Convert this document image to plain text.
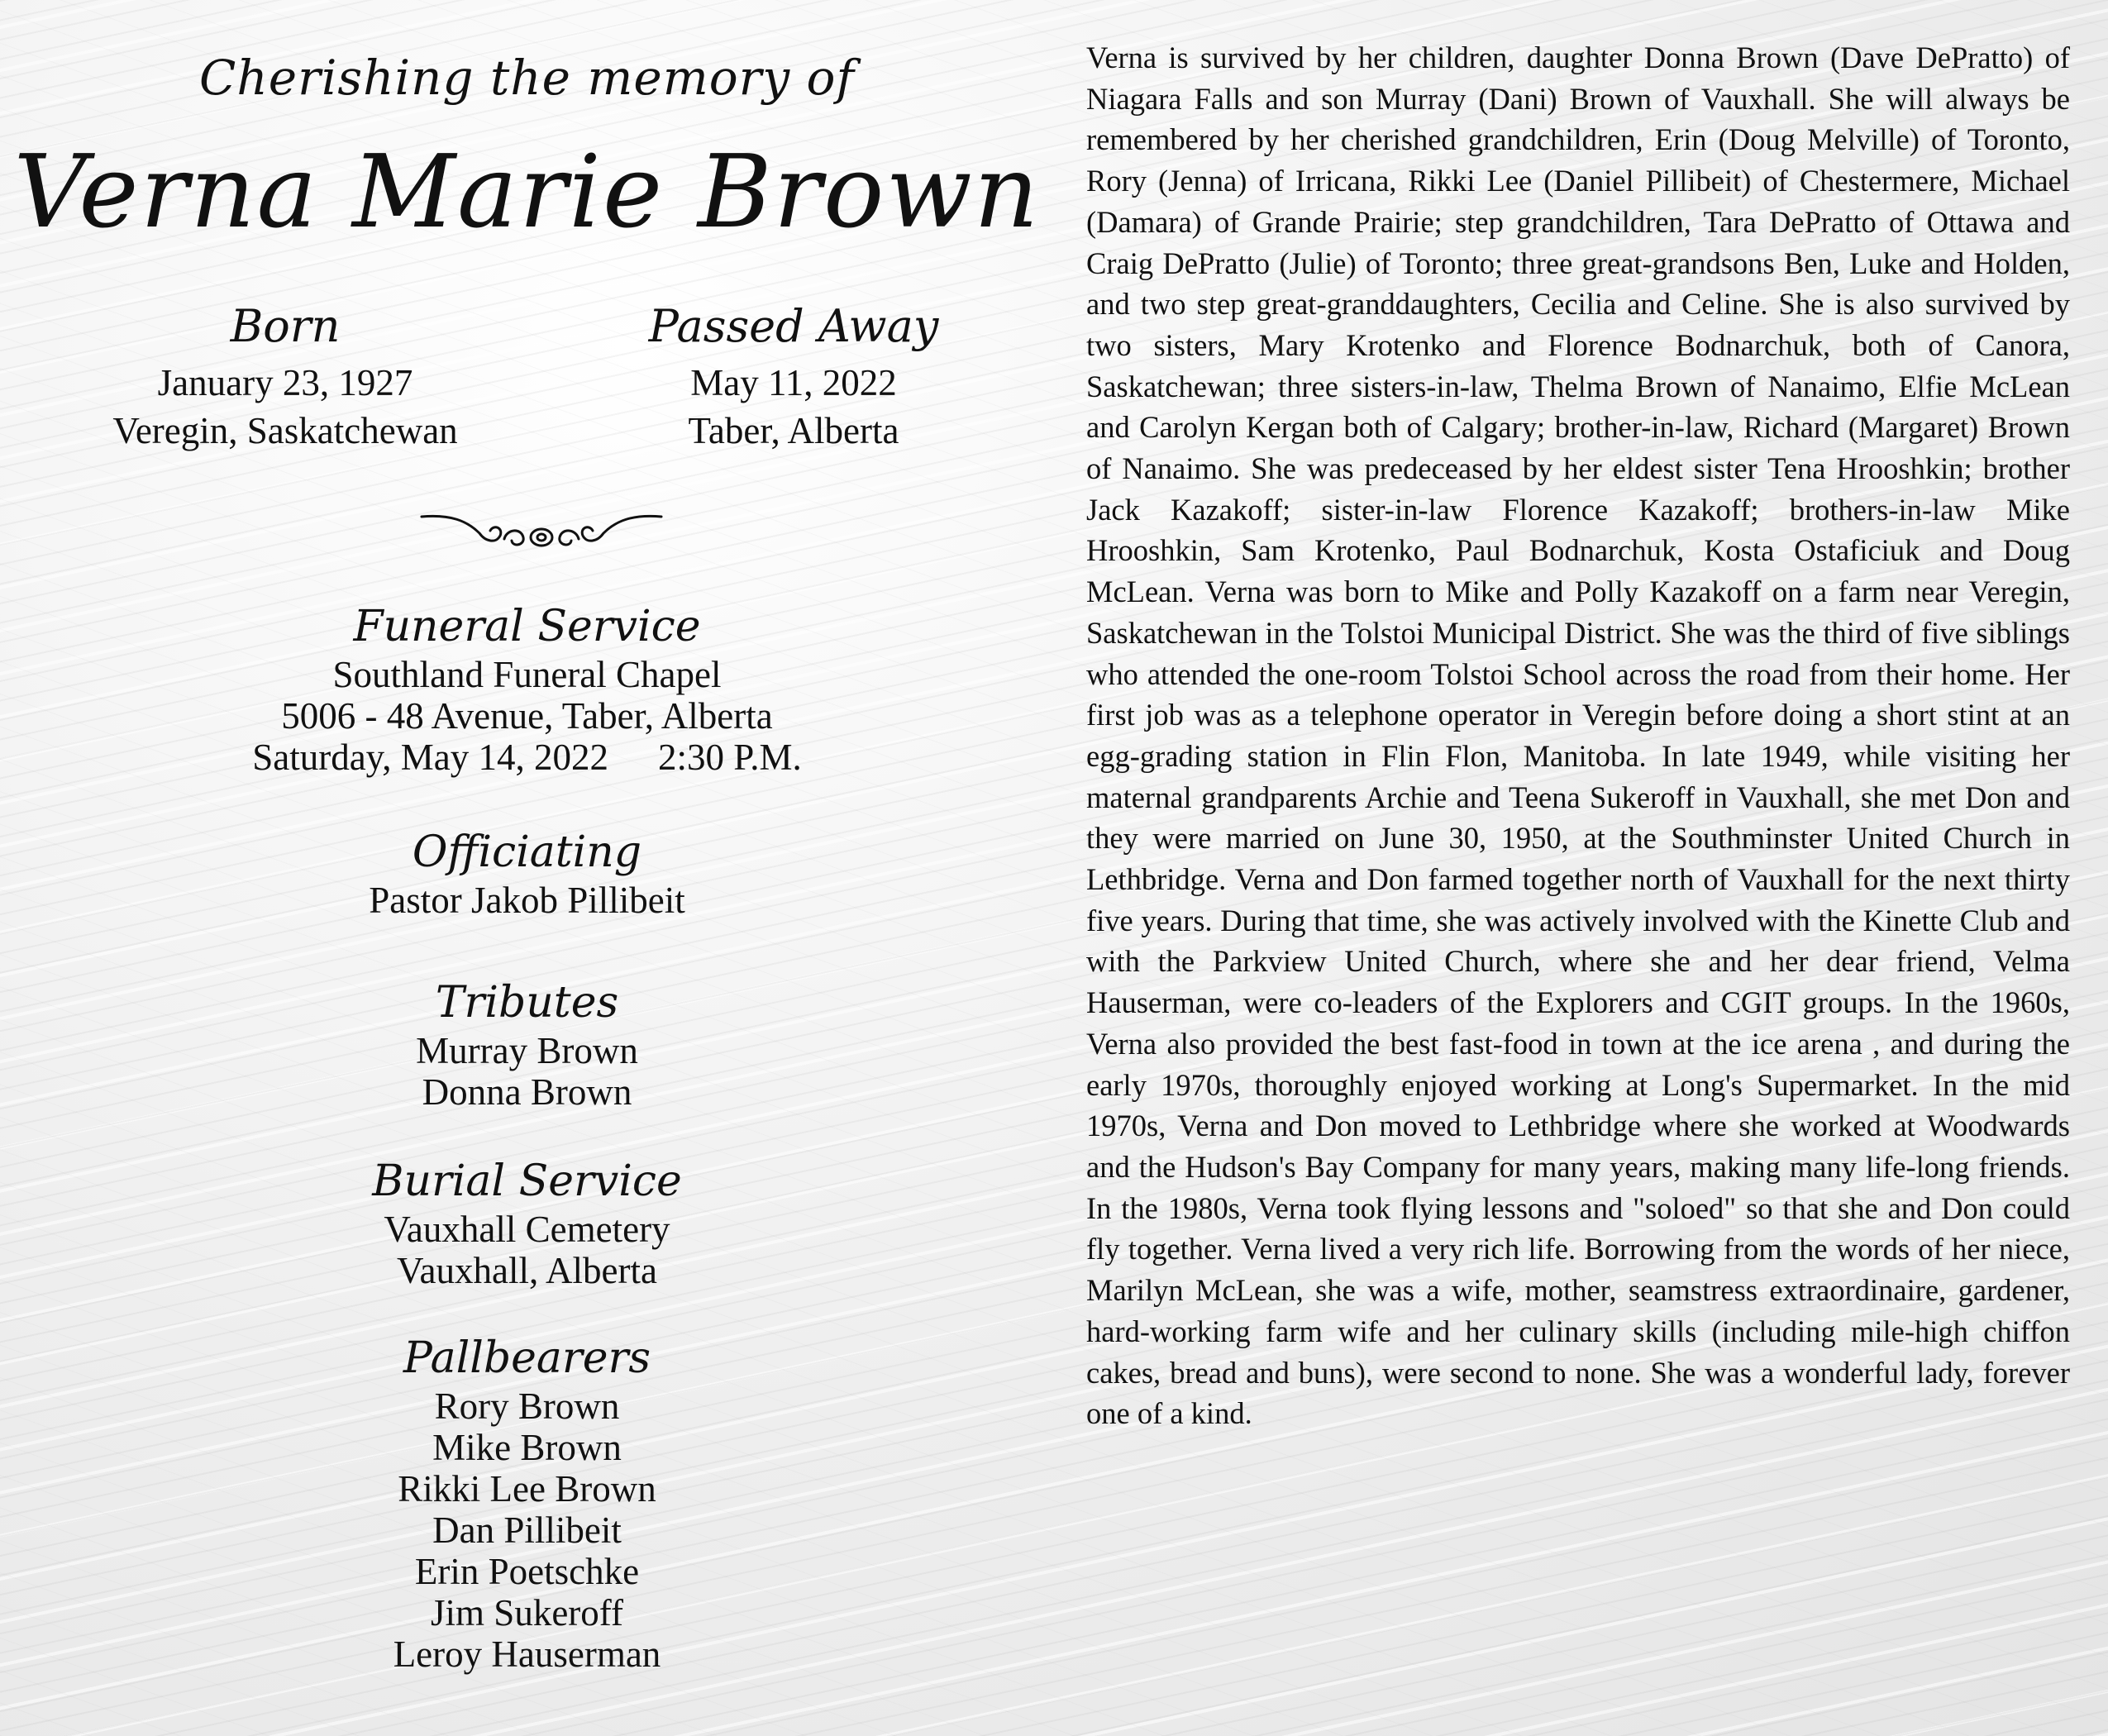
Cherishing the memory of
Verna Marie Brown
Born
January 23, 1927
Veregin, Saskatchewan
Passed Away
May 11, 2022
Taber, Alberta
Funeral Service
Southland Funeral Chapel
5006 - 48 Avenue, Taber, Alberta
Saturday, May 14, 2022 2:30 P.M.
Officiating
Pastor Jakob Pillibeit
Tributes
Murray Brown
Donna Brown
Burial Service
Vauxhall Cemetery
Vauxhall, Alberta
Pallbearers
Rory Brown
Mike Brown
Rikki Lee Brown
Dan Pillibeit
Erin Poetschke
Jim Sukeroff
Leroy Hauserman
Verna is survived by her children, daughter Donna Brown (Dave DePratto) of Niagara Falls and son Murray (Dani) Brown of Vauxhall. She will always be remembered by her cherished grandchildren, Erin (Doug Melville) of Toronto, Rory (Jenna) of Irricana, Rikki Lee (Daniel Pillibeit) of Chestermere, Michael (Damara) of Grande Prairie; step grandchildren, Tara DePratto of Ottawa and Craig DePratto (Julie) of Toronto; three great-grandsons Ben, Luke and Holden, and two step great-granddaughters, Cecilia and Celine. She is also survived by two sisters, Mary Krotenko and Florence Bodnarchuk, both of Canora, Saskatchewan; three sisters-in-law, Thelma Brown of Nanaimo, Elfie McLean and Carolyn Kergan both of Calgary; brother-in-law, Richard (Margaret) Brown of Nanaimo. She was predeceased by her eldest sister Tena Hrooshkin; brother Jack Kazakoff; sister-in-law Florence Kazakoff; brothers-in-law Mike Hrooshkin, Sam Krotenko, Paul Bodnarchuk, Kosta Ostaficiuk and Doug McLean. Verna was born to Mike and Polly Kazakoff on a farm near Veregin, Saskatchewan in the Tolstoi Municipal District. She was the third of five siblings who attended the one-room Tolstoi School across the road from their home. Her first job was as a telephone operator in Veregin before doing a short stint at an egg-grading station in Flin Flon, Manitoba. In late 1949, while visiting her maternal grandparents Archie and Teena Sukeroff in Vauxhall, she met Don and they were married on June 30, 1950, at the Southminster United Church in Lethbridge. Verna and Don farmed together north of Vauxhall for the next thirty five years. During that time, she was actively involved with the Kinette Club and with the Parkview United Church, where she and her dear friend, Velma Hauserman, were co-leaders of the Explorers and CGIT groups. In the 1960s, Verna also provided the best fast-food in town at the ice arena , and during the early 1970s, thoroughly enjoyed working at Long's Supermarket. In the mid 1970s, Verna and Don moved to Lethbridge where she worked at Woodwards and the Hudson's Bay Company for many years, making many life-long friends. In the 1980s, Verna took flying lessons and "soloed" so that she and Don could fly together. Verna lived a very rich life. Borrowing from the words of her niece, Marilyn McLean, she was a wife, mother, seamstress extraordinaire, gardener, hard-working farm wife and her culinary skills (including mile-high chiffon cakes, bread and buns), were second to none. She was a wonderful lady, forever one of a kind.
